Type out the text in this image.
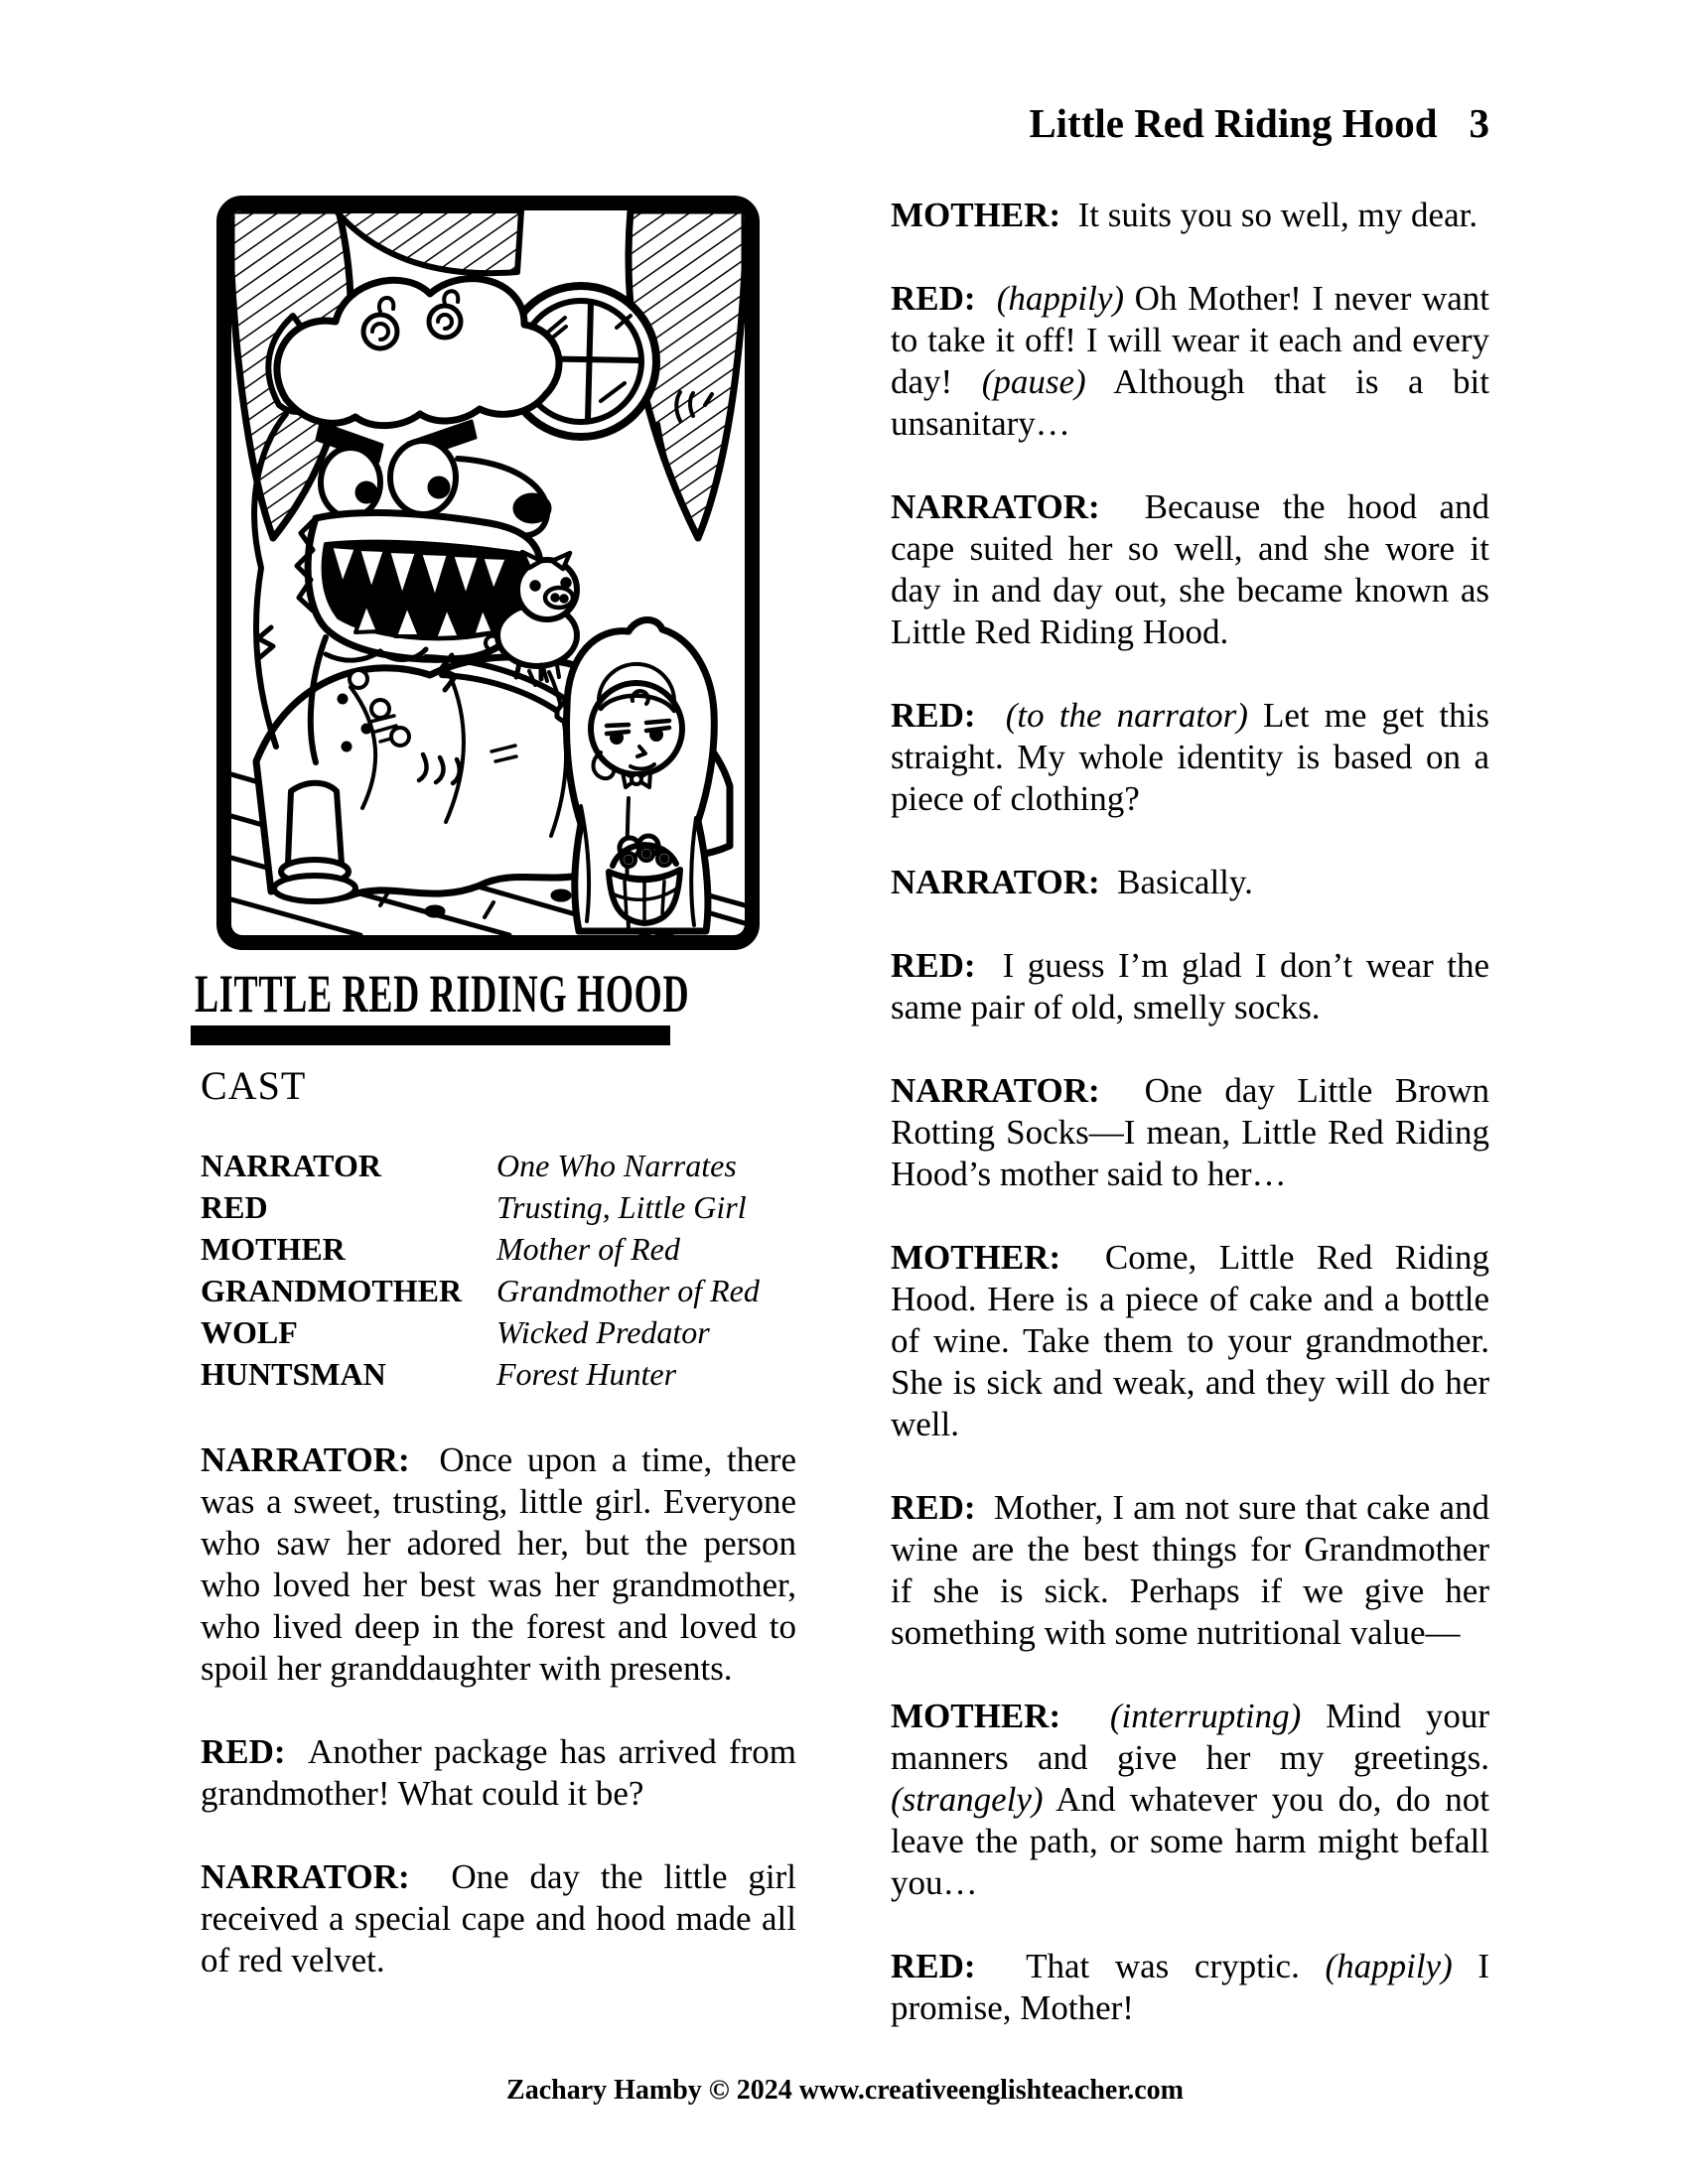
Little Red Riding Hood 3
LITTLE RED RIDING HOOD
CAST
NARRATOR	One Who Narrates
RED	Trusting, Little Girl
MOTHER	Mother of Red
GRANDMOTHER Grandmother of Red
WOLF	Wicked Predator
HUNTSMAN	Forest Hunter

NARRATOR:  Once upon a time, there was a sweet, trusting, little girl. Everyone who saw her adored her, but the person who loved her best was her grandmother, who lived deep in the forest and loved to spoil her granddaughter with presents.

RED:  Another package has arrived from grandmother! What could it be?

NARRATOR:  One day the little girl received a special cape and hood made all of red velvet.

MOTHER:  It suits you so well, my dear.

RED: (happily) Oh Mother! I never want to take it off! I will wear it each and every day! (pause) Although that is a bit unsanitary…

NARRATOR:  Because the hood and cape suited her so well, and she wore it day in and day out, she became known as Little Red Riding Hood.

RED: (to the narrator) Let me get this straight. My whole identity is based on a piece of clothing?

NARRATOR:  Basically.

RED:  I guess I’m glad I don’t wear the same pair of old, smelly socks.

NARRATOR:  One day Little Brown Rotting Socks—I mean, Little Red Riding Hood’s mother said to her…

MOTHER:  Come, Little Red Riding Hood. Here is a piece of cake and a bottle of wine. Take them to your grandmother. She is sick and weak, and they will do her well.

RED:  Mother, I am not sure that cake and wine are the best things for Grandmother if she is sick. Perhaps if we give her something with some nutritional value—

MOTHER: (interrupting) Mind your manners and give her my greetings. (strangely) And whatever you do, do not leave the path, or some harm might befall you…

RED:  That was cryptic. (happily) I promise, Mother!

Zachary Hamby © 2024 www.creativeenglishteacher.com
